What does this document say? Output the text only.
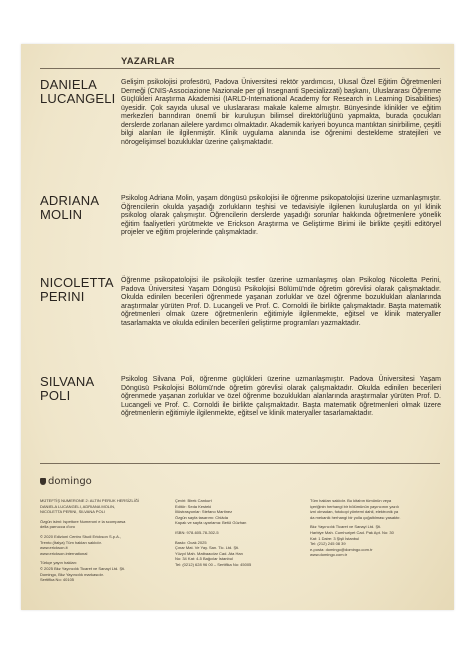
YAZARLAR
DANIELA
LUCANGELI

Gelişim psikolojisi profesörü, Padova Üniversitesi rektör yardımcısı, Ulusal Özel Eğitim Öğretmenleri Derneği (CNIS-Associazione Nazionale per gli Insegnanti Specializzati) başkanı, Uluslararası Öğrenme Güçlükleri Araştırma Akademisi (IARLD-International Academy for Research in Learning Disabilities) üyesidir. Çok sayıda ulusal ve uluslararası makale kaleme almıştır. Bünyesinde klinikler ve eğitim merkezleri barındıran önemli bir kuruluşun bilimsel direktörlüğünü yapmakta, burada çocukları derslerde zorlanan ailelere yardımcı olmaktadır. Akademik kariyeri boyunca mantıktan sinirbilime, çeşitli bilgi alanları ile ilgilenmiştir. Klinik uygulama alanında ise öğrenimi destekleme stratejileri ve nörogelişimsel bozukluklar üzerine çalışmaktadır.

ADRIANA
MOLIN

Psikolog Adriana Molin, yaşam döngüsü psikolojisi ile öğrenme psikopatolojisi üzerine uzmanlaşmıştır. Öğrencilerin okulda yaşadığı zorlukların teşhisi ve tedavisiyle ilgilenen kuruluşlarda on yıl klinik psikolog olarak çalışmıştır. Öğrencilerin derslerde yaşadığı sorunlar hakkında öğretmenlere yönelik eğitim faaliyetleri yürütmekte ve Erickson Araştırma ve Geliştirme Birimi ile birlikte çeşitli editöryel projeler ve eğitim projelerinde çalışmaktadır.

NICOLETTA
PERINI

Öğrenme psikopatolojisi ile psikolojik testler üzerine uzmanlaşmış olan Psikolog Nicoletta Perini, Padova Üniversitesi Yaşam Döngüsü Psikolojisi Bölümü'nde öğretim görevlisi olarak çalışmaktadır. Okulda edinilen becerileri öğrenmede yaşanan zorluklar ve özel öğrenme bozuklukları alanlarında araştırmalar yürüten Prof. D. Lucangeli ve Prof. C. Cornoldi ile birlikte çalışmaktadır. Başta matematik öğretmenleri olmak üzere öğretmenlerin eğitimiyle ilgilenmekte, eğitsel ve klinik materyaller tasarlamakta ve okulda edinilen becerileri geliştirme programları yazmaktadır.

SILVANA
POLI

Psikolog Silvana Poli, öğrenme güçlükleri üzerine uzmanlaşmıştır. Padova Üniversitesi Yaşam Döngüsü Psikolojisi Bölümü'nde öğretim görevlisi olarak çalışmaktadır. Okulda edinilen becerileri öğrenmede yaşanan zorluklar ve özel öğrenme bozuklukları alanlarında araştırmalar yürüten Prof. D. Lucangeli ve Prof. C. Cornoldi ile birlikte çalışmaktadır. Başta matematik öğretmenleri olmak üzere öğretmenlerin eğitimiyle ilgilenmekte, eğitsel ve klinik materyaller tasarlamaktadır.

domingo

MÜTEFTİŞ NUMERONE 2: ALTIN PERUK HERSİZLİĞİ
DANIELA LUCANGELI, ADRIANA MOLIN,
NICOLETTA PERINI, SILVANA POLI

Özgün isimi: Ispettore Numeroni e la scomparsa
della parrucca d'oro

© 2020 Edizioni Centro Studi Erickson S.p.A.,
Trento (İtalya) Tüm hakları saklıdır.
www.erickson.it
www.erickson.international

Türkçe yayın hakları:
© 2025 Bkz Yayıncılık Ticaret ve Sanayi Ltd. Şti.
Domingo, Bkz Yayıncılık markasıdır.
Sertifika No: 40105

Çeviri: Birek Cankurt
Editör: Seda Kesteki
İllüstrasyonlar: Stefano Martinez
Özgün sayfa tasarımı: Chiâda
Kapak ve sayfa uyarlama: Betül Güzhan

ISBN: 978-605-78-302-5

Baskı: Ocak 2025
Çınar Mat. Ve Yay. San. Tic. Ltd. Şti.
Yüzyıl Mah. Matbaacılar Cad. Ata Han
No: 34 Kat: 4-5 Bağcılar İstanbul
Tel: (0212) 628 96 00 – Sertifika No: 45005

Tüm hakları saklıdır. Bu kitabın tümünün veya
içeriğinin herhangi bir bölümünün yayıncının yazılı
izni olmadan, fotokopi yöntemi dahil, elektronik ya
da mekanik herhangi bir yolla çoğaltılması yasaktır.

Bkz Yayıncılık Ticaret ve Sanayi Ltd. Şti.
Harbiye Mah. Cumhuriyet Cad. Pak Apt. No: 30
Kat: 1 Daire: 3 Şişli İstanbul
Tel: (212) 245 08 39
e-posta: domingo@domingo.com.tr
www.domingo.com.tr
